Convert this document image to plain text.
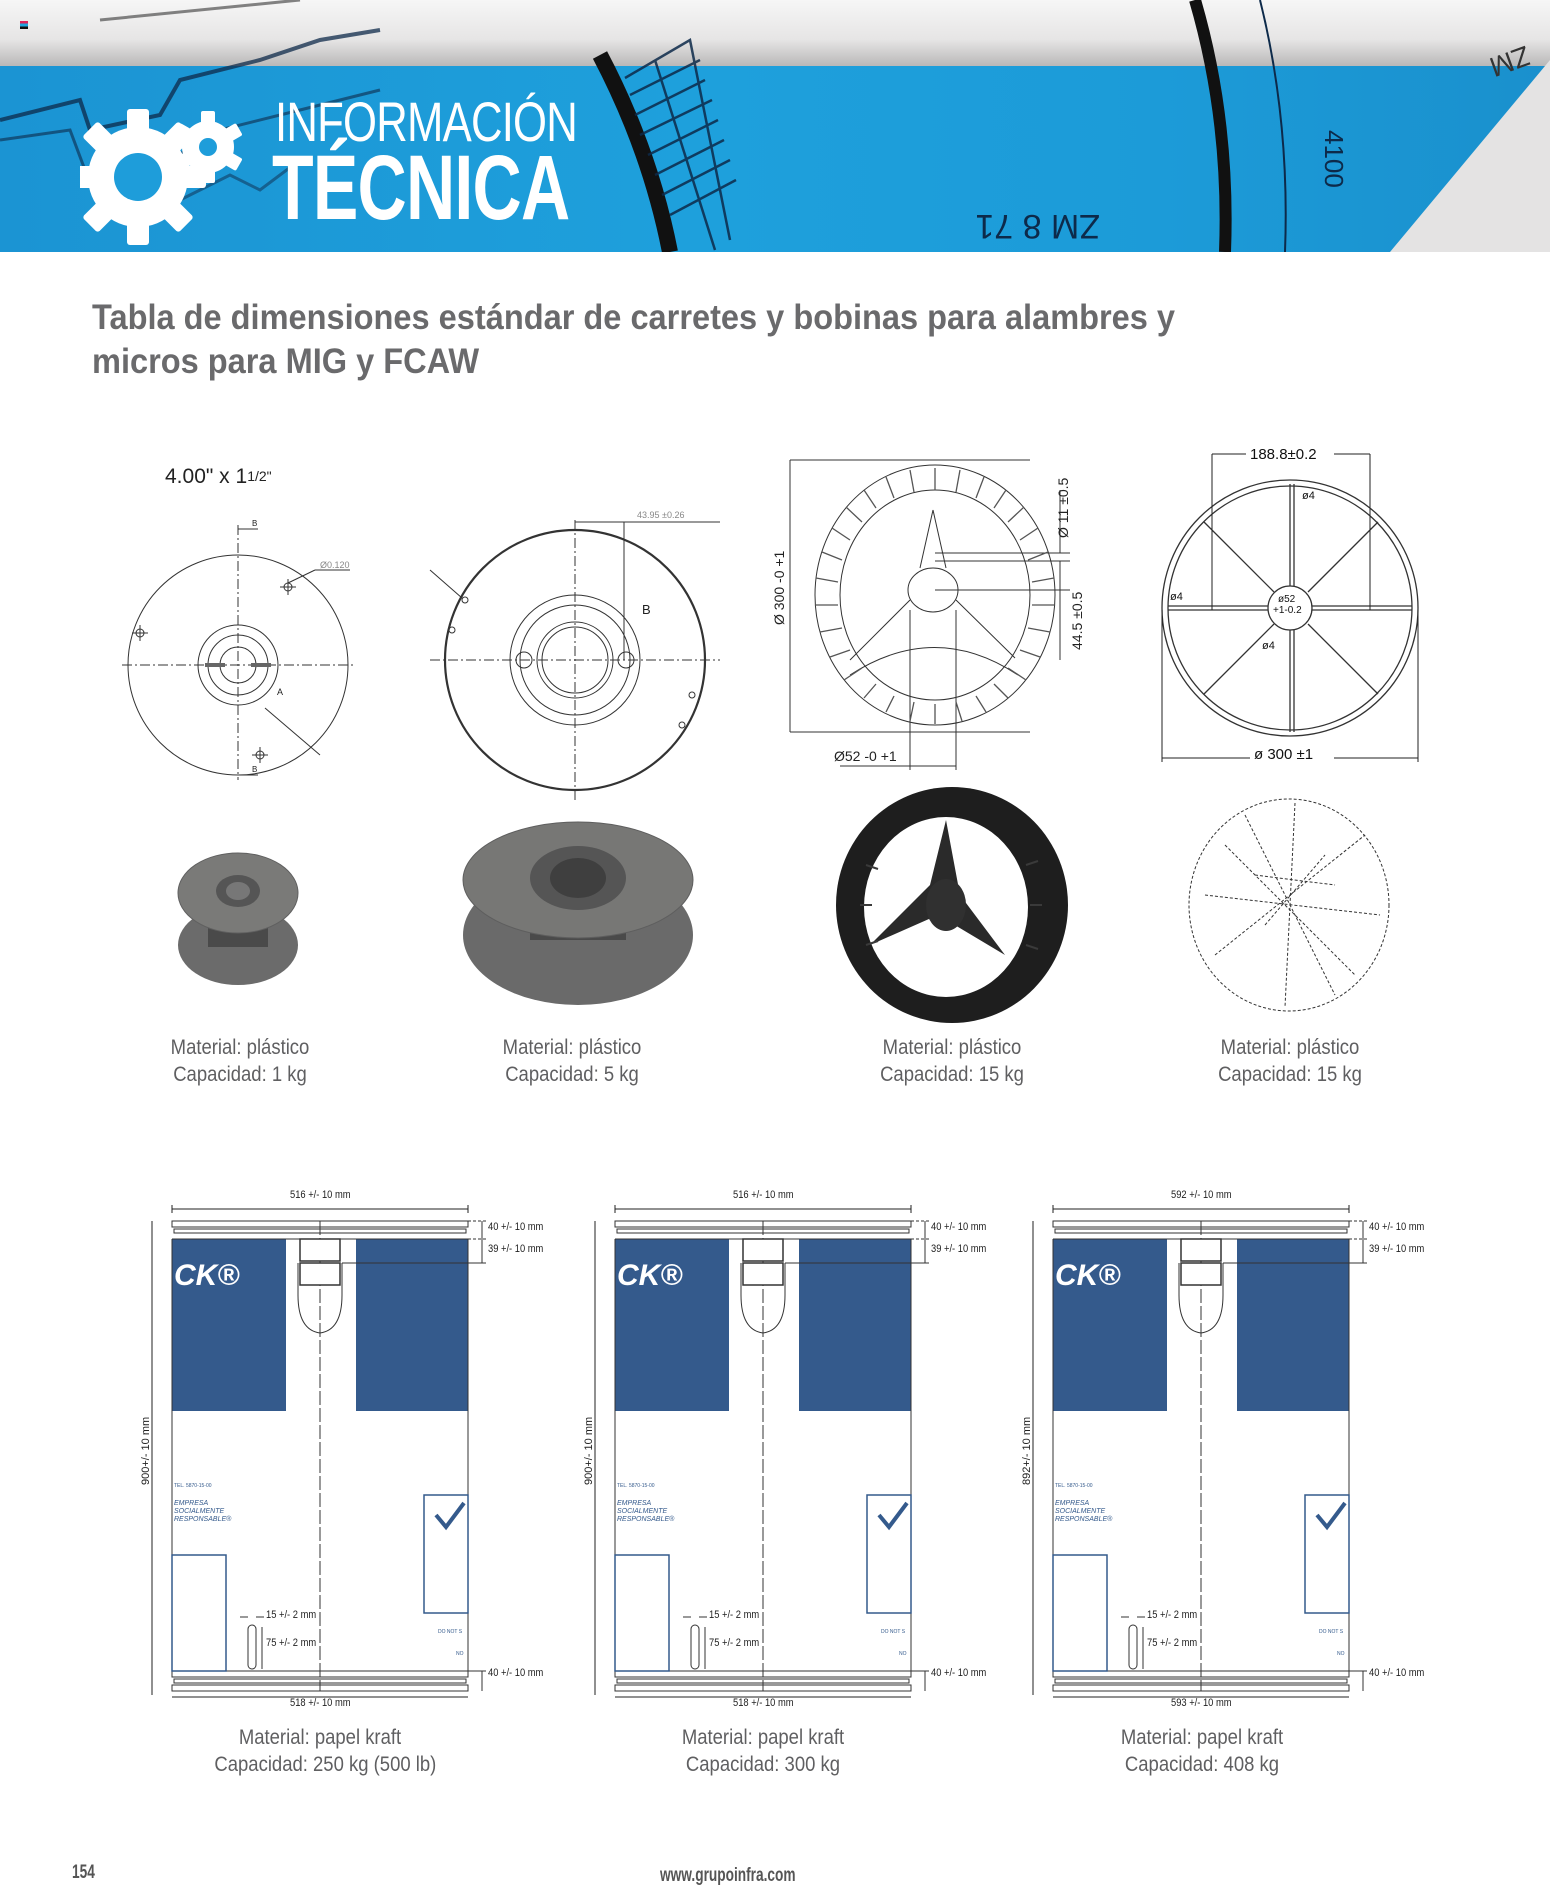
ZM 8 71
4100
ZM
INFORMACIÓN
TÉCNICA
Tabla de dimensiones estándar de carretes y bobinas para alambres y micros para MIG y FCAW
4.00" x $1^{1/2"}$
B
B
A
Ø0.120
43.95 ±0.26
B	Ø 300 -0 +1
Ø 11 ±0.5
44.5 ±0.5
Ø52 -0 +1
188.8±0.2
ø4
ø4	ø52
+1-0.2
ø4
ø 300 ±1
Material: plástico
Capacidad: 1 kg
Material: plástico
Capacidad: 5 kg
Material: plástico
Capacidad: 15 kg
Material: plástico
Capacidad: 15 kg
CK®
TEL. 5870-15-00
EMPRESA
SOCIALMENTE
RESPONSABLE®
DO NOT S
NO
516 +/- 10 mm
40 +/- 10 mm
39 +/- 10 mm
900+/- 10 mm
15 +/- 2 mm
75 +/- 2 mm
40 +/- 10 mm
518 +/- 10 mm
CK®
TEL. 5870-15-00
EMPRESA
SOCIALMENTE
RESPONSABLE®
DO NOT S
NO
516 +/- 10 mm
40 +/- 10 mm
39 +/- 10 mm
900+/- 10 mm
15 +/- 2 mm
75 +/- 2 mm
40 +/- 10 mm
518 +/- 10 mm
CK®
TEL. 5870-15-00
EMPRESA
SOCIALMENTE
RESPONSABLE®
DO NOT S
NO
592 +/- 10 mm
40 +/- 10 mm
39 +/- 10 mm
892+/- 10 mm
15 +/- 2 mm
75 +/- 2 mm
40 +/- 10 mm
593 +/- 10 mm
Material: papel kraft
Capacidad: 250 kg (500 lb)
Material: papel kraft
Capacidad: 300 kg
Material: papel kraft
Capacidad: 408 kg
154	www.grupoinfra.com
